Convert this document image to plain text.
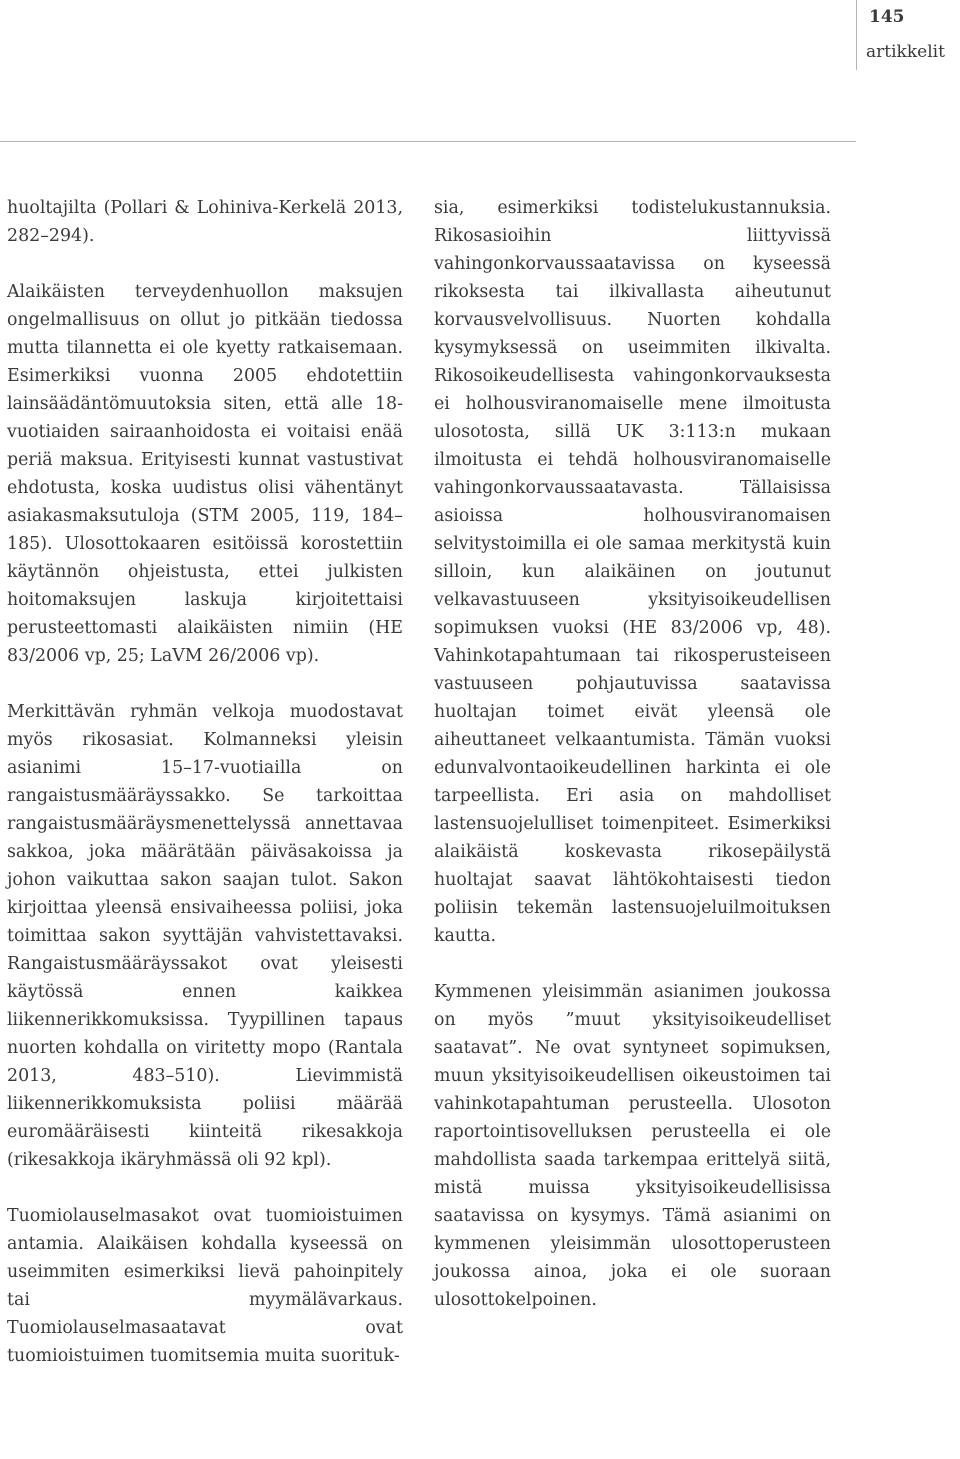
145
artikkelit

huoltajilta (Pollari & Lohiniva-Kerkelä 2013, 282–294).

Alaikäisten terveydenhuollon maksujen ongelmallisuus on ollut jo pitkään tiedossa mutta tilannetta ei ole kyetty ratkaisemaan. Esimerkiksi vuonna 2005 ehdotettiin lainsäädäntömuutoksia siten, että alle 18-vuotiaiden sairaanhoidosta ei voitaisi enää periä maksua. Erityisesti kunnat vastustivat ehdotusta, koska uudistus olisi vähentänyt asiakasmaksutuloja (STM 2005, 119, 184–185). Ulosottokaaren esitöissä korostettiin käytännön ohjeistusta, ettei julkisten hoitomaksujen laskuja kirjoitettaisi perusteettomasti alaikäisten nimiin (HE 83/2006 vp, 25; LaVM 26/2006 vp).

Merkittävän ryhmän velkoja muodostavat myös rikosasiat. Kolmanneksi yleisin asianimi 15–17-vuotiailla on rangaistusmääräyssakko. Se tarkoittaa rangaistusmääräysmenettelyssä annettavaa sakkoa, joka määrätään päiväsakoissa ja johon vaikuttaa sakon saajan tulot. Sakon kirjoittaa yleensä ensivaiheessa poliisi, joka toimittaa sakon syyttäjän vahvistettavaksi. Rangaistusmääräyssakot ovat yleisesti käytössä ennen kaikkea liikennerikkomuksissa. Tyypillinen tapaus nuorten kohdalla on viritetty mopo (Rantala 2013, 483–510). Lievimmistä liikennerikkomuksista poliisi määrää euromääräisesti kiinteitä rikesakkoja (rikesakkoja ikäryhmässä oli 92 kpl).

Tuomiolauselmasakot ovat tuomioistuimen antamia. Alaikäisen kohdalla kyseessä on useimmiten esimerkiksi lievä pahoinpitely tai myymälävarkaus. Tuomiolauselmasaatavat ovat tuomioistuimen tuomitsemia muita suorituk-

sia, esimerkiksi todistelukustannuksia. Rikosasioihin liittyvissä vahingonkorvaussaatavissa on kyseessä rikoksesta tai ilkivallasta aiheutunut korvausvelvollisuus. Nuorten kohdalla kysymyksessä on useimmiten ilkivalta. Rikosoikeudellisesta vahingonkorvauksesta ei holhousviranomaiselle mene ilmoitusta ulosotosta, sillä UK 3:113:n mukaan ilmoitusta ei tehdä holhousviranomaiselle vahingonkorvaussaatavasta. Tällaisissa asioissa holhousviranomaisen selvitystoimilla ei ole samaa merkitystä kuin silloin, kun alaikäinen on joutunut velkavastuuseen yksityisoikeudellisen sopimuksen vuoksi (HE 83/2006 vp, 48). Vahinkotapahtumaan tai rikosperusteiseen vastuuseen pohjautuvissa saatavissa huoltajan toimet eivät yleensä ole aiheuttaneet velkaantumista. Tämän vuoksi edunvalvontaoikeudellinen harkinta ei ole tarpeellista. Eri asia on mahdolliset lastensuojelulliset toimenpiteet. Esimerkiksi alaikäistä koskevasta rikosepäilystä huoltajat saavat lähtökohtaisesti tiedon poliisin tekemän lastensuojeluilmoituksen kautta.

Kymmenen yleisimmän asianimen joukossa on myös ”muut yksityisoikeudelliset saatavat”. Ne ovat syntyneet sopimuksen, muun yksityisoikeudellisen oikeustoimen tai vahinkotapahtuman perusteella. Ulosoton raportointisovelluksen perusteella ei ole mahdollista saada tarkempaa erittelyä siitä, mistä muissa yksityisoikeudellisissa saatavissa on kysymys. Tämä asianimi on kymmenen yleisimmän ulosottoperusteen joukossa ainoa, joka ei ole suoraan ulosottokelpoinen.
